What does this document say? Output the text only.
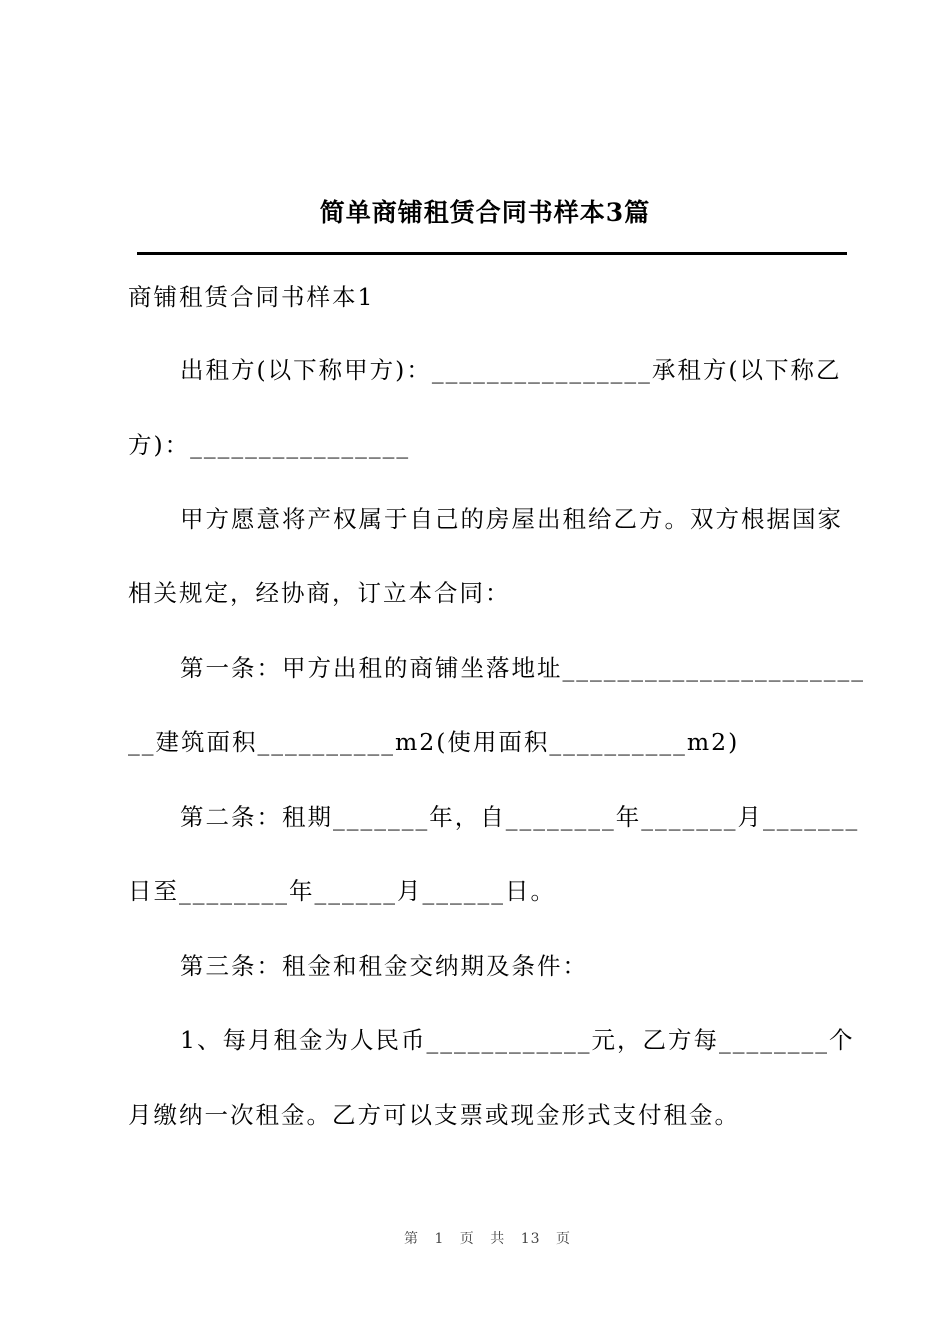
简单商铺租赁合同书样本3篇
商铺租赁合同书样本1
出租方(以下称甲方)：________________承租方(以下称乙
方)：________________
甲方愿意将产权属于自己的房屋出租给乙方。双方根据国家
相关规定，经协商，订立本合同：
第一条：甲方出租的商铺坐落地址______________________
__建筑面积__________m2(使用面积__________m2)
第二条：租期_______年，自________年_______月_______
日至________年______月______日。
第三条：租金和租金交纳期及条件：
1、每月租金为人民币____________元，乙方每________个
月缴纳一次租金。乙方可以支票或现金形式支付租金。
第 1 页 共 13 页
